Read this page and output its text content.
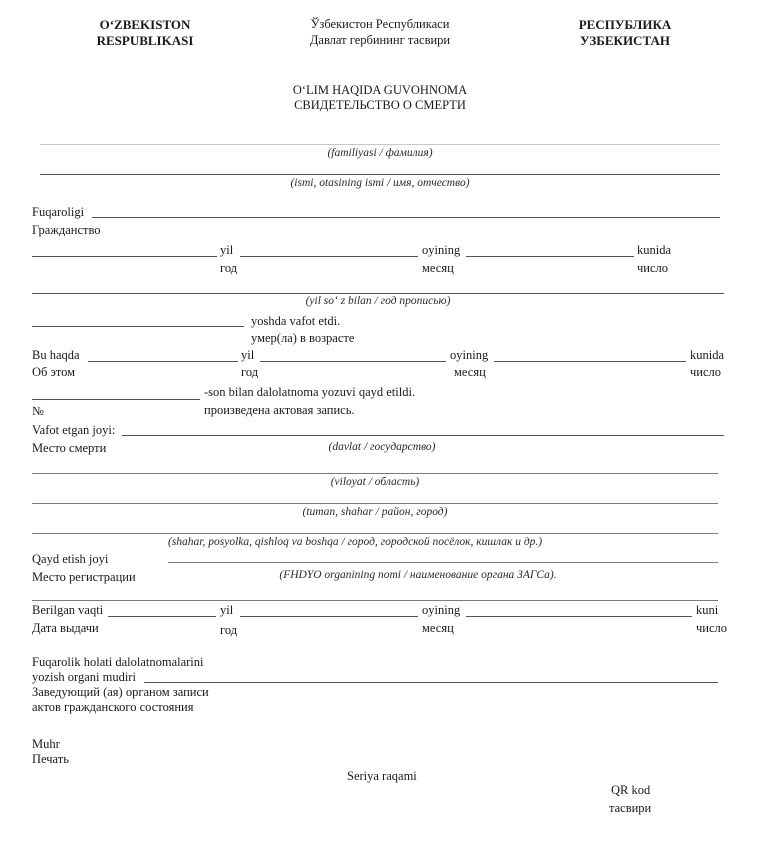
O‘ZBEKISTON
RESPUBLIKASI
Ўзбекистон Республикаси
Давлат гербининг тасвири
РЕСПУБЛИКА
УЗБЕКИСТАН
O‘LIM HAQIDA GUVOHNOMA
СВИДЕТЕЛЬСТВО О СМЕРТИ
(familiyasi / фамилия)
(ismi, otasining ismi / имя, отчество)
Fuqaroligi
Гражданство
yil
год
oyining
месяц
kunida
число
(yil so‘ z bilan / год прописью)
yoshda vafot etdi.
умер(ла) в возрасте
Bu haqda
Об этом
yil
год
oyining
месяц
kunida
число
-son bilan dalolatnoma yozuvi qayd etildi.
№	произведена актовая запись.
Vafot etgan joyi:
Место смерти	(davlat / государство)
(viloyat / область)
(tuman, shahar / район, город)
(shahar, posyolka, qishloq va boshqa / город, городской посёлок, кишлак и др.)
Qayd etish joyi
Место регистрации	(FHDYO organining nomi / наименование органа ЗАГСа).
Berilgan vaqti
Дата выдачи
yil
год
oyining
месяц
kuni
число
Fuqarolik holati dalolatnomalarini
yozish organi mudiri
Заведующий (ая) органом записи
актов гражданского состояния
Muhr
Печать
Seriya raqami
QR kod
тасвири
